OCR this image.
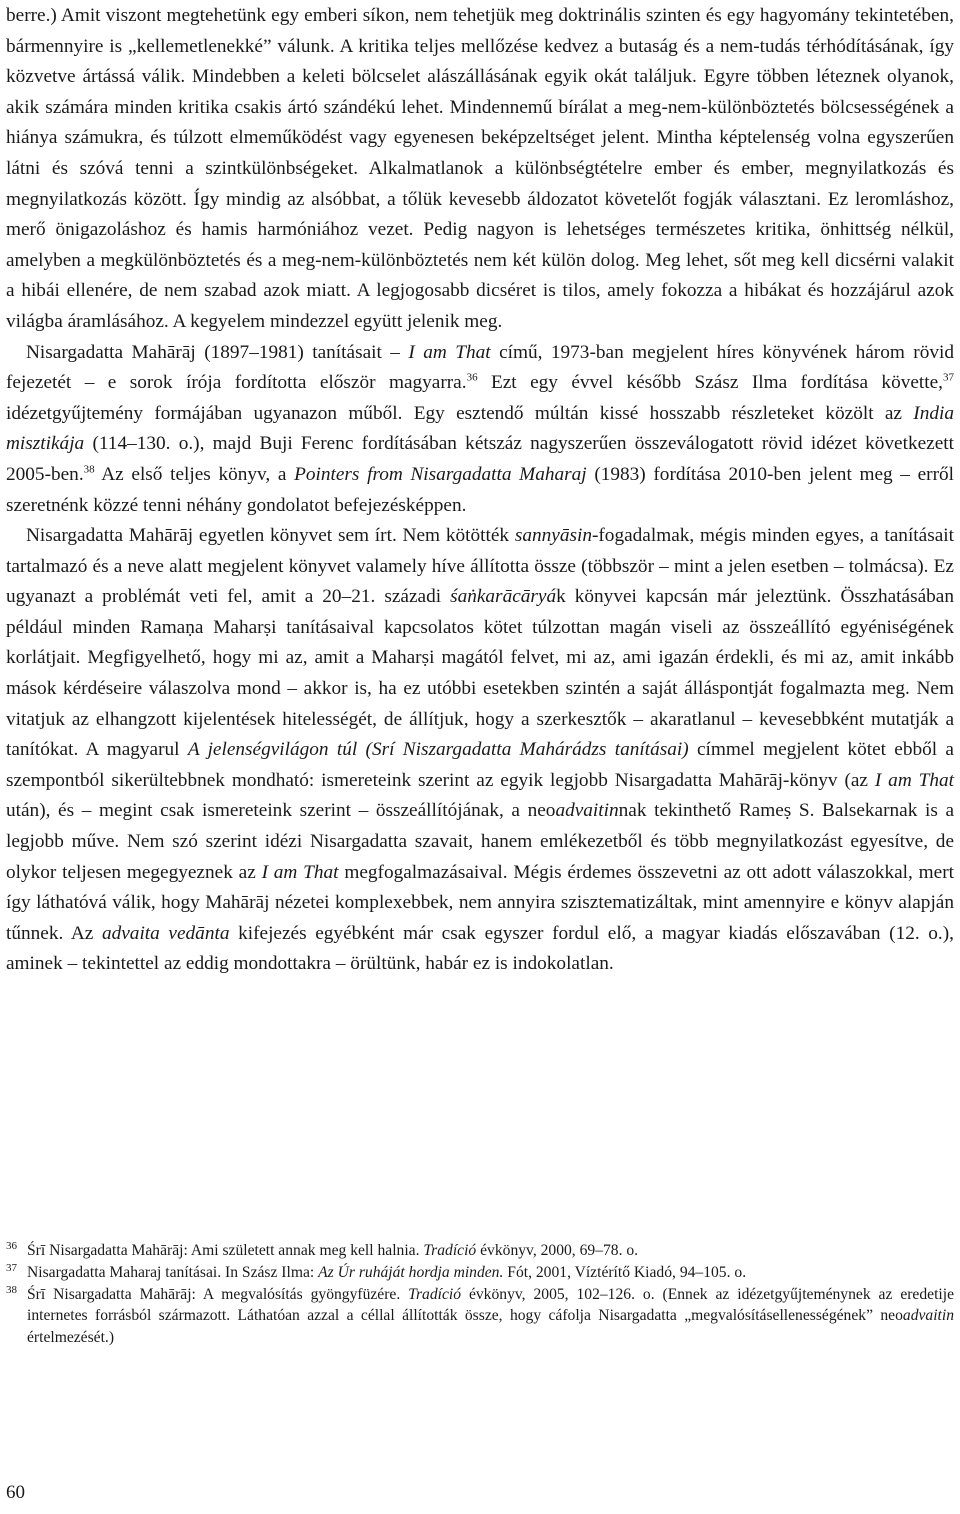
berre.) Amit viszont megtehetünk egy emberi síkon, nem tehetjük meg doktrinális szinten és egy hagyomány tekintetében, bármennyire is „kellemetlenekké” válunk. A kritika teljes mellőzése kedvez a butaság és a nem-tudás térhódításának, így közvetve ártássá válik. Mindebben a keleti bölcselet alászállásának egyik okát találjuk. Egyre többen léteznek olyanok, akik számára minden kritika csakis ártó szándékú lehet. Mindennemű bírálat a meg-nem-különböztetés bölcsességének a hiánya számukra, és túlzott elmeműködést vagy egyenesen beképzeltséget jelent. Mintha képtelenség volna egyszerűen látni és szóvá tenni a szintkülönbségeket. Alkalmatlanok a különbségtételre ember és ember, megnyilatkozás és megnyilatkozás között. Így mindig az alsóbbat, a tőlük kevesebb áldozatot követelőt fogják választani. Ez leromláshoz, merő önigazoláshoz és hamis harmóniához vezet. Pedig nagyon is lehetséges természetes kritika, önhittség nélkül, amelyben a megkülönböztetés és a meg-nem-különböztetés nem két külön dolog. Meg lehet, sőt meg kell dicsérni valakit a hibái ellenére, de nem szabad azok miatt. A legjogosabb dicséret is tilos, amely fokozza a hibákat és hozzájárul azok világba áramlásához. A kegyelem mindezzel együtt jelenik meg.

Nisargadatta Mahārāj (1897–1981) tanításait – I am That című, 1973-ban megjelent híres könyvének három rövid fejezetét – e sorok írója fordította először magyarra.$^{36}$ Ezt egy évvel később Szász Ilma fordítása követte,$^{37}$ idézetgyűjtemény formájában ugyanazon műből. Egy esztendő múltán kissé hosszabb részleteket közölt az India misztikája (114–130. o.), majd Buji Ferenc fordításában kétszáz nagyszerűen összeválogatott rövid idézet következett 2005-ben.$^{38}$ Az első teljes könyv, a Pointers from Nisargadatta Maharaj (1983) fordítása 2010-ben jelent meg – erről szeretnénk közzé tenni néhány gondolatot befejezésképpen.

Nisargadatta Mahārāj egyetlen könyvet sem írt. Nem kötötték sannyāsin-fogadalmak, mégis minden egyes, a tanításait tartalmazó és a neve alatt megjelent könyvet valamely híve állította össze (többször – mint a jelen esetben – tolmácsa). Ez ugyanazt a problémát veti fel, amit a 20–21. századi śaṅkarācāryák könyvei kapcsán már jeleztünk. Összhatásában például minden Ramaṇa Maharṣi tanításaival kapcsolatos kötet túlzottan magán viseli az összeállító egyéniségének korlátjait. Megfigyelhető, hogy mi az, amit a Maharṣi magától felvet, mi az, ami igazán érdekli, és mi az, amit inkább mások kérdéseire válaszolva mond – akkor is, ha ez utóbbi esetekben szintén a saját álláspontját fogalmazta meg. Nem vitatjuk az elhangzott kijelentések hitelességét, de állítjuk, hogy a szerkesztők – akaratlanul – kevesebbként mutatják a tanítókat. A magyarul A jelenségvilágon túl (Srí Niszargadatta Mahárádzs tanításai) címmel megjelent kötet ebből a szempontból sikerültebbnek mondható: ismereteink szerint az egyik legjobb Nisargadatta Mahārāj-könyv (az I am That után), és – megint csak ismereteink szerint – összeállítójának, a neoadvaitinnak tekinthető Rameṣ S. Balsekarnak is a legjobb műve. Nem szó szerint idézi Nisargadatta szavait, hanem emlékezetből és több megnyilatkozást egyesítve, de olykor teljesen megegyeznek az I am That megfogalmazásaival. Mégis érdemes összevetni az ott adott válaszokkal, mert így láthatóvá válik, hogy Mahārāj nézetei komplexebbek, nem annyira szisztematizáltak, mint amennyire e könyv alapján tűnnek. Az advaita vedānta kifejezés egyébként már csak egyszer fordul elő, a magyar kiadás előszavában (12. o.), aminek – tekintettel az eddig mondottakra – örültünk, habár ez is indokolatlan.

36 Śrī Nisargadatta Mahārāj: Ami született annak meg kell halnia. Tradíció évkönyv, 2000, 69–78. o.
37 Nisargadatta Maharaj tanításai. In Szász Ilma: Az Úr ruháját hordja minden. Fót, 2001, Víztérítő Kiadó, 94–105. o.
38 Śrī Nisargadatta Mahārāj: A megvalósítás gyöngyfüzére. Tradíció évkönyv, 2005, 102–126. o. (Ennek az idézetgyűjteménynek az eredetije internetes forrásból származott. Láthatóan azzal a céllal állították össze, hogy cáfolja Nisargadatta „megvalósításellenességének” neoadvaitin értelmezését.)
60
